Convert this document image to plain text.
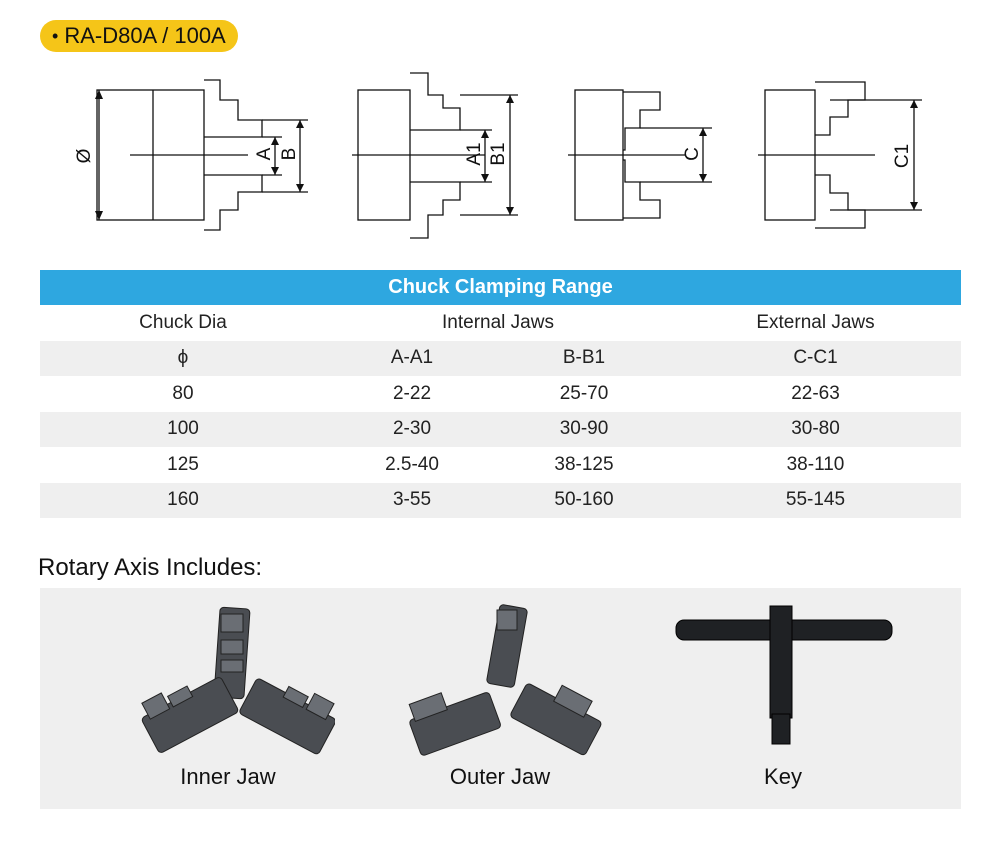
• RA-D80A / 100A
Ø	A B	A1 B1	C	C1
Chuck Clamping Range
Chuck Dia	Internal Jaws	External Jaws
ϕ	A-A1	B-B1	C-C1
80	2-22	25-70	22-63
100	2-30	30-90	30-80
125	2.5-40	38-125	38-110
160	3-55	50-160	55-145
Rotary Axis Includes:
Inner Jaw	Outer Jaw	Key
